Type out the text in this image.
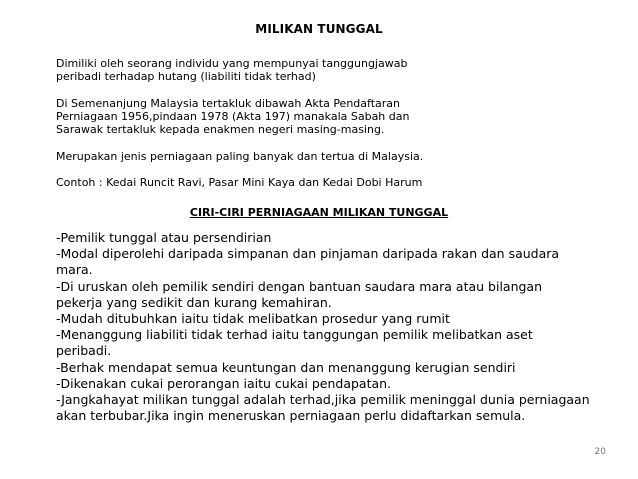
MILIKAN TUNGGAL
Dimiliki oleh seorang individu yang mempunyai tanggungjawab
peribadi terhadap hutang (liabiliti tidak terhad)
Di Semenanjung Malaysia tertakluk dibawah Akta Pendaftaran
Perniagaan 1956,pindaan 1978 (Akta 197) manakala Sabah dan
Sarawak tertakluk kepada enakmen negeri masing-masing.
Merupakan jenis perniagaan paling banyak dan tertua di Malaysia.
Contoh : Kedai Runcit Ravi, Pasar Mini Kaya dan Kedai Dobi Harum
CIRI-CIRI PERNIAGAAN MILIKAN TUNGGAL
-Pemilik tunggal atau persendirian
-Modal diperolehi daripada simpanan dan pinjaman daripada rakan dan saudara
mara.
-Di uruskan oleh pemilik sendiri dengan bantuan saudara mara atau bilangan
pekerja yang sedikit dan kurang kemahiran.
-Mudah ditubuhkan iaitu tidak melibatkan prosedur yang rumit
-Menanggung liabiliti tidak terhad iaitu tanggungan pemilik melibatkan aset
peribadi.
-Berhak mendapat semua keuntungan dan menanggung kerugian sendiri
-Dikenakan cukai perorangan iaitu cukai pendapatan.
-Jangkahayat milikan tunggal adalah terhad,jika pemilik meninggal dunia perniagaan
akan terbubar.Jika ingin meneruskan perniagaan perlu didaftarkan semula.
20
